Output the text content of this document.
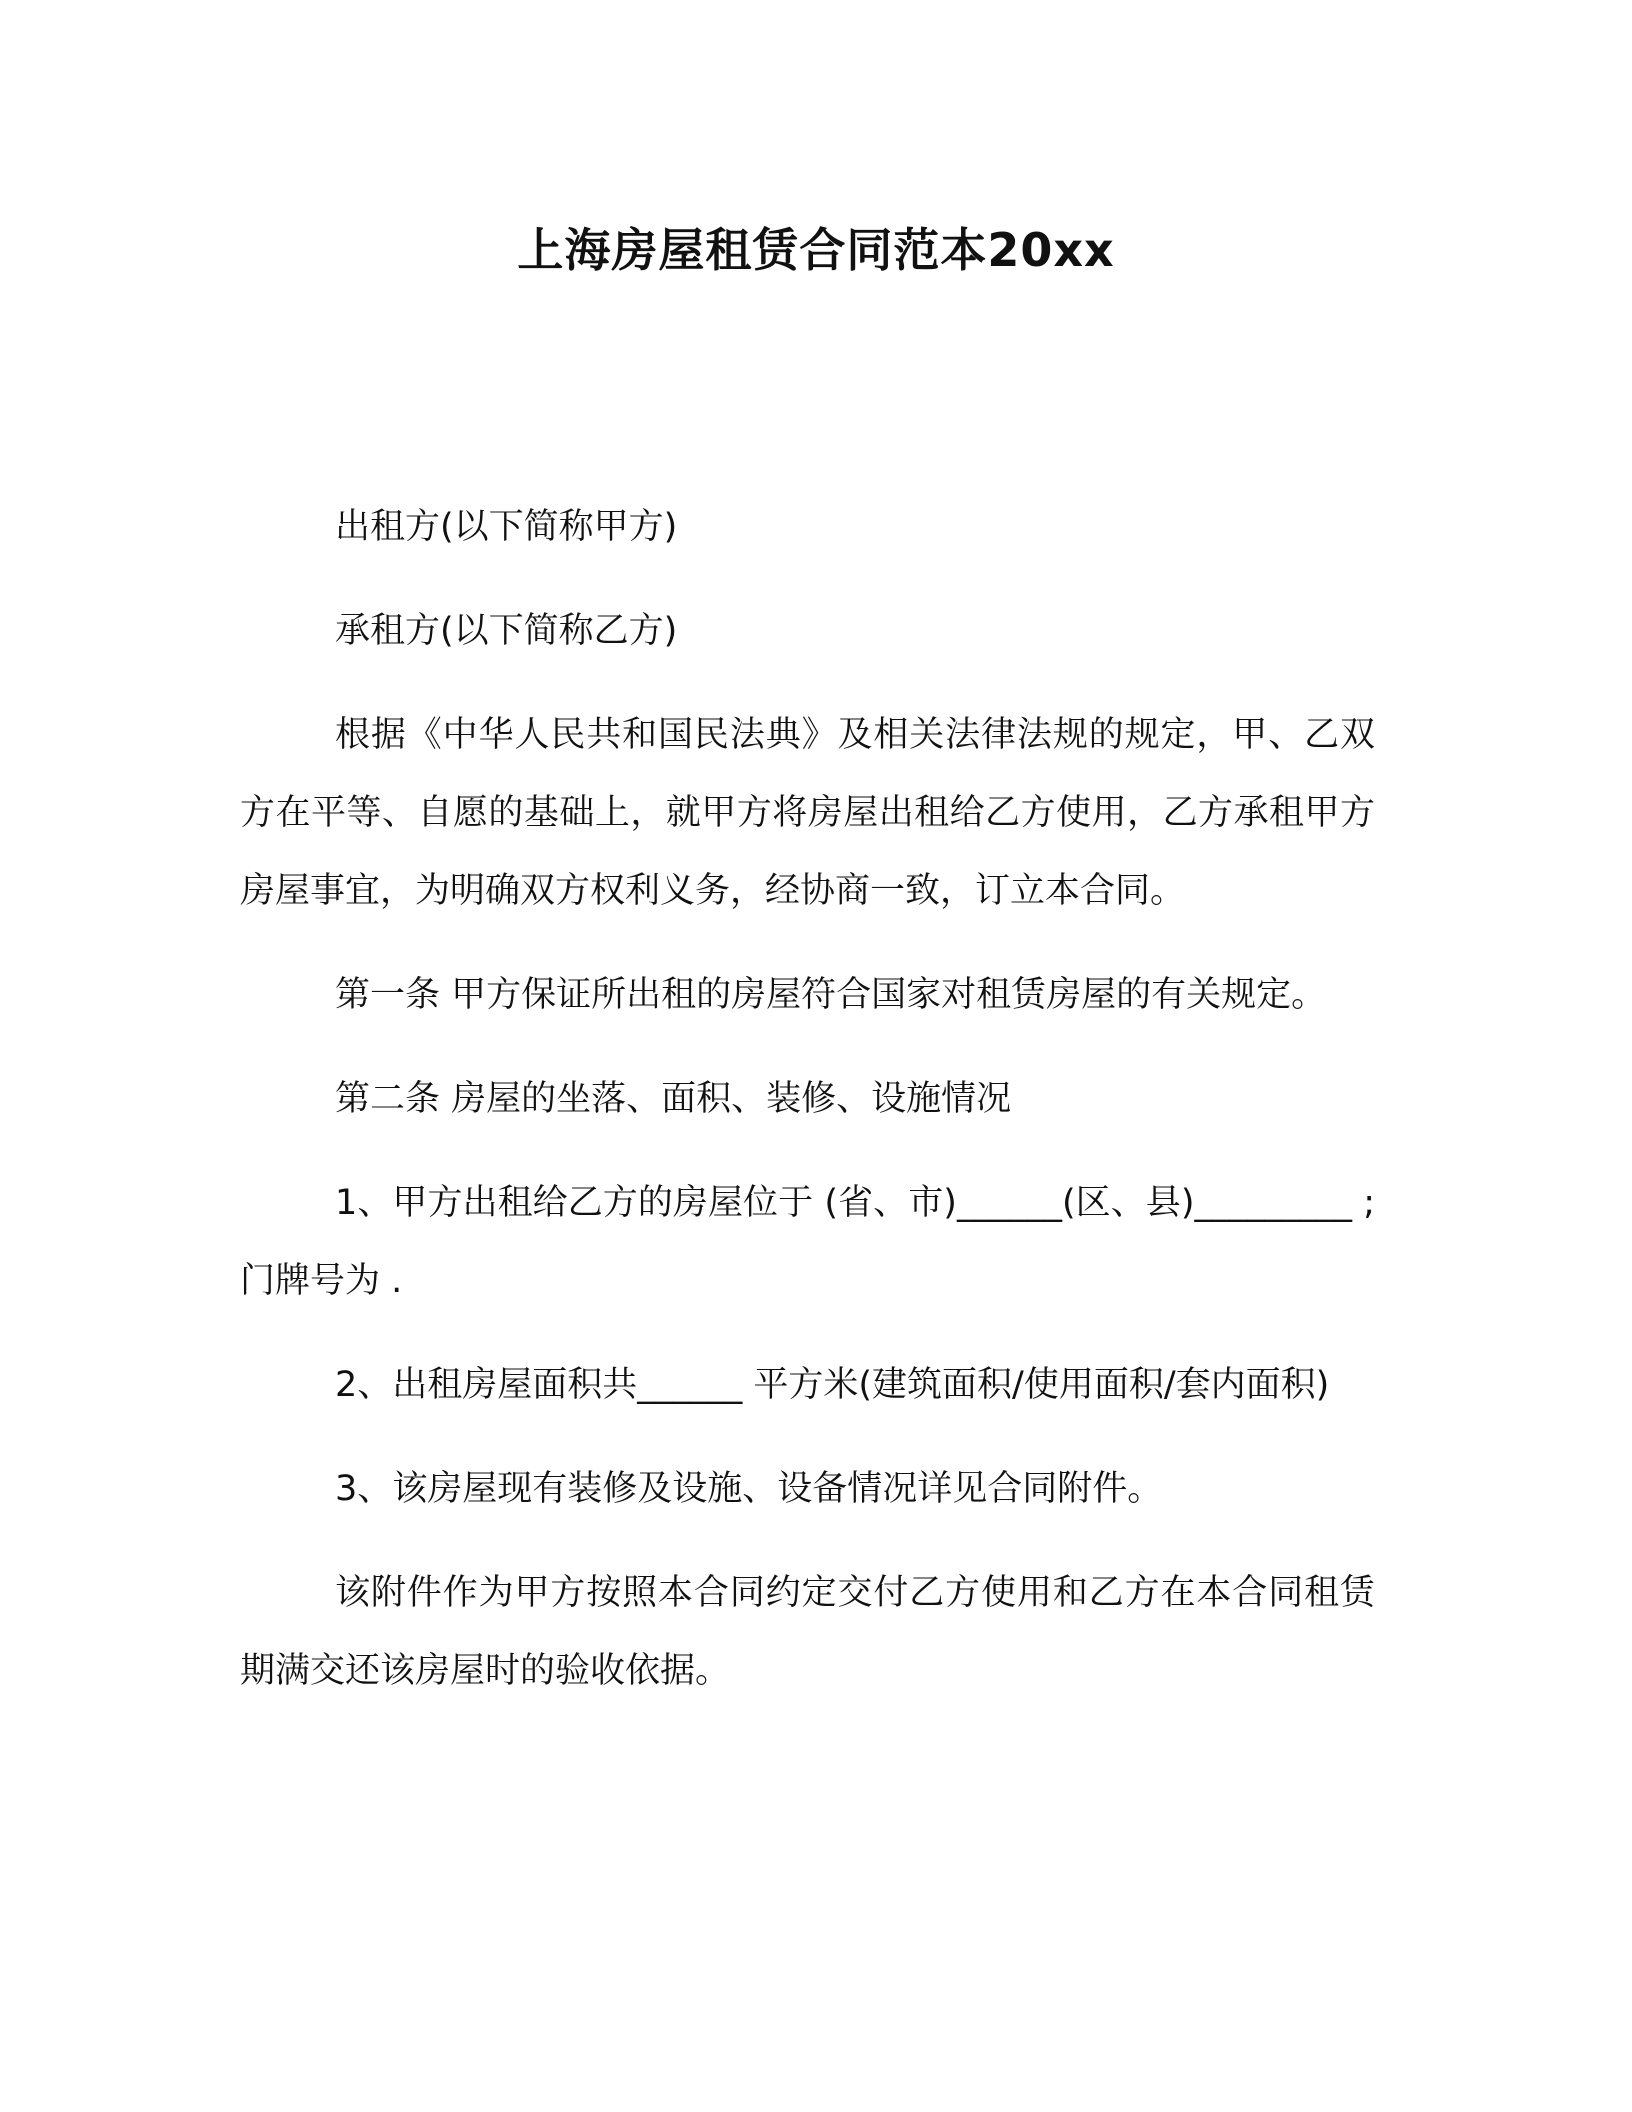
上海房屋租赁合同范本20xx

出租方(以下简称甲方)

承租方(以下简称乙方)

根据《中华人民共和国民法典》及相关法律法规的规定，甲、乙双方在平等、自愿的基础上，就甲方将房屋出租给乙方使用，乙方承租甲方房屋事宜，为明确双方权利义务，经协商一致，订立本合同。

第一条 甲方保证所出租的房屋符合国家对租赁房屋的有关规定。

第二条 房屋的坐落、面积、装修、设施情况

1、甲方出租给乙方的房屋位于 (省、市)______(区、县)_________ ;门牌号为 .

2、出租房屋面积共______ 平方米(建筑面积/使用面积/套内面积)

3、该房屋现有装修及设施、设备情况详见合同附件。

该附件作为甲方按照本合同约定交付乙方使用和乙方在本合同租赁期满交还该房屋时的验收依据。
